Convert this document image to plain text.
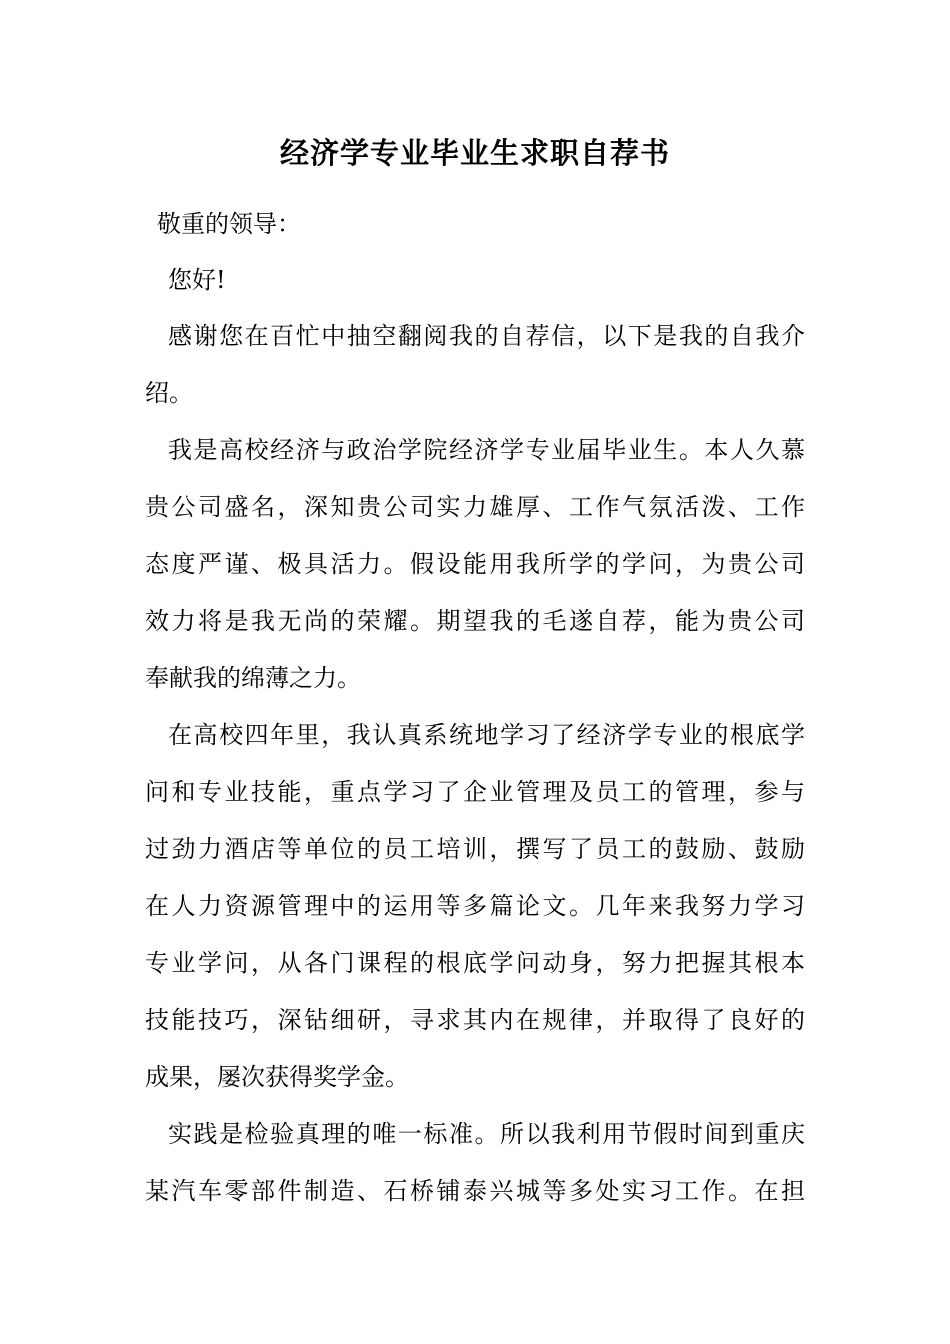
经济学专业毕业生求职自荐书
敬重的领导：
您好!
感谢您在百忙中抽空翻阅我的自荐信，以下是我的自我介
绍。
我是高校经济与政治学院经济学专业届毕业生。本人久慕
贵公司盛名，深知贵公司实力雄厚、工作气氛活泼、工作
态度严谨、极具活力。假设能用我所学的学问，为贵公司
效力将是我无尚的荣耀。期望我的毛遂自荐，能为贵公司
奉献我的绵薄之力。
在高校四年里，我认真系统地学习了经济学专业的根底学
问和专业技能，重点学习了企业管理及员工的管理，参与
过劲力酒店等单位的员工培训，撰写了员工的鼓励、鼓励
在人力资源管理中的运用等多篇论文。几年来我努力学习
专业学问，从各门课程的根底学问动身，努力把握其根本
技能技巧，深钻细研，寻求其内在规律，并取得了良好的
成果，屡次获得奖学金。
实践是检验真理的唯一标准。所以我利用节假时间到重庆
某汽车零部件制造、石桥铺泰兴城等多处实习工作。在担
